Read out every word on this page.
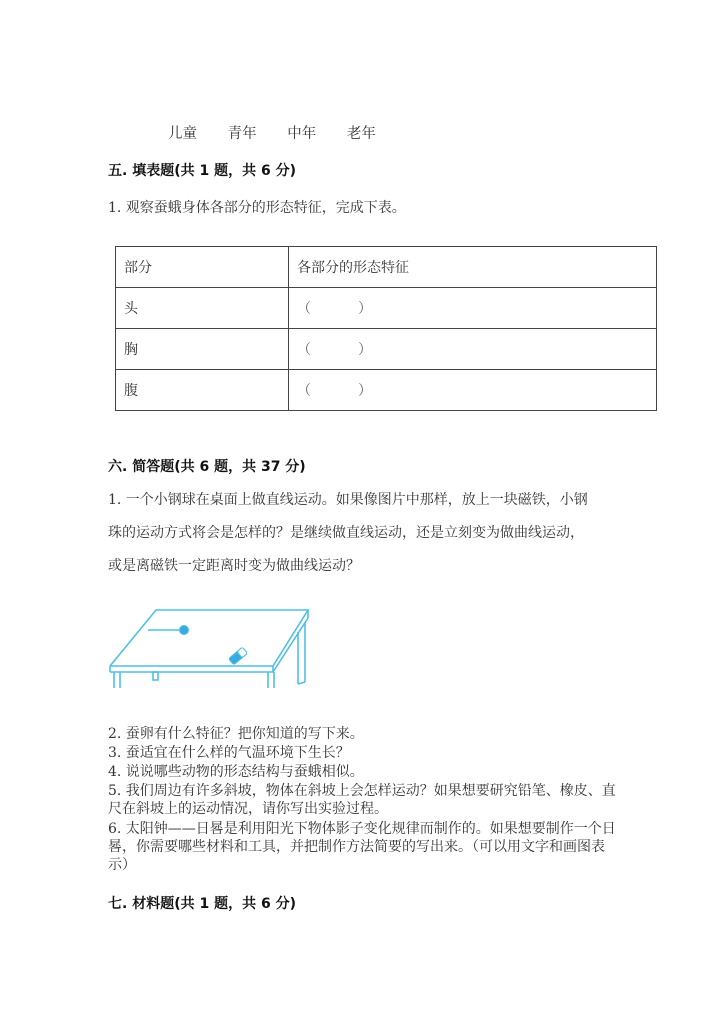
儿童 青年 中年 老年
五. 填表题(共 1 题，共 6 分)
1. 观察蚕蛾身体各部分的形态特征，完成下表。
部分	各部分的形态特征
头	（ ）
胸	（ ）
腹	（ ）
六. 简答题(共 6 题，共 37 分)
1. 一个小钢球在桌面上做直线运动。如果像图片中那样，放上一块磁铁，小钢
珠的运动方式将会是怎样的？是继续做直线运动，还是立刻变为做曲线运动，
或是离磁铁一定距离时变为做曲线运动？
2. 蚕卵有什么特征？把你知道的写下来。
3. 蚕适宜在什么样的气温环境下生长？
4. 说说哪些动物的形态结构与蚕蛾相似。
5. 我们周边有许多斜坡，物体在斜坡上会怎样运动？如果想要研究铅笔、橡皮、直尺在斜坡上的运动情况，请你写出实验过程。
6. 太阳钟——日晷是利用阳光下物体影子变化规律而制作的。如果想要制作一个日晷，你需要哪些材料和工具，并把制作方法简要的写出来。（可以用文字和画图表示）
七. 材料题(共 1 题，共 6 分)
